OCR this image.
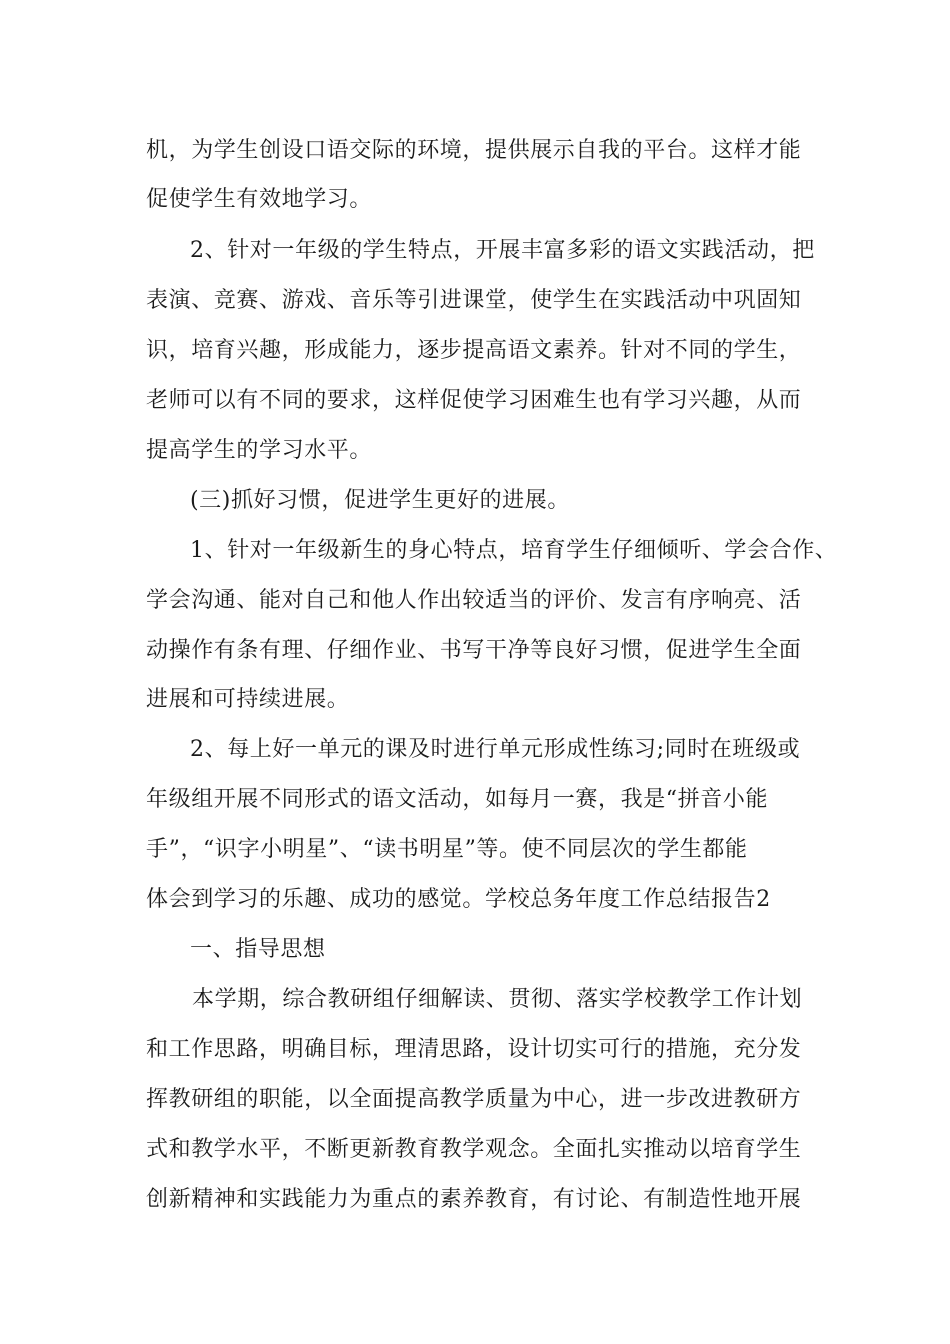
机，为学生创设口语交际的环境，提供展示自我的平台。这样才能
促使学生有效地学习。
2、针对一年级的学生特点，开展丰富多彩的语文实践活动，把
表演、竞赛、游戏、音乐等引进课堂，使学生在实践活动中巩固知
识，培育兴趣，形成能力，逐步提高语文素养。针对不同的学生，
老师可以有不同的要求，这样促使学习困难生也有学习兴趣，从而
提高学生的学习水平。
(三)抓好习惯，促进学生更好的进展。
1、针对一年级新生的身心特点，培育学生仔细倾听、学会合作、
学会沟通、能对自己和他人作出较适当的评价、发言有序响亮、活
动操作有条有理、仔细作业、书写干净等良好习惯，促进学生全面
进展和可持续进展。
2、每上好一单元的课及时进行单元形成性练习;同时在班级或
年级组开展不同形式的语文活动，如每月一赛，我是“拼音小能
手”，“识字小明星”、“读书明星”等。使不同层次的学生都能
体会到学习的乐趣、成功的感觉。学校总务年度工作总结报告2
一、指导思想
本学期，综合教研组仔细解读、贯彻、落实学校教学工作计划
和工作思路，明确目标，理清思路，设计切实可行的措施，充分发
挥教研组的职能，以全面提高教学质量为中心，进一步改进教研方
式和教学水平，不断更新教育教学观念。全面扎实推动以培育学生
创新精神和实践能力为重点的素养教育，有讨论、有制造性地开展
